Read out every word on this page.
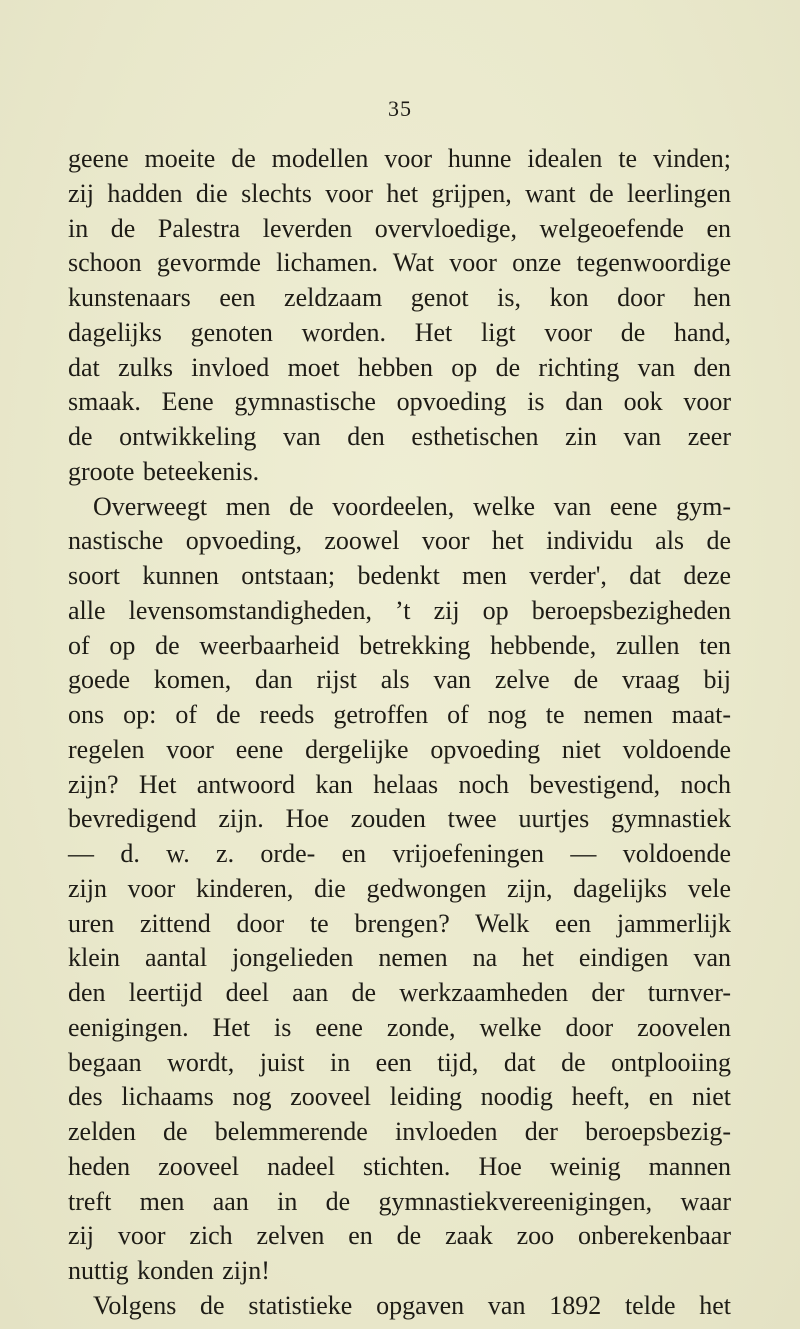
35
geene moeite de modellen voor hunne idealen te vinden;
zij hadden die slechts voor het grijpen, want de leerlingen
in de Palestra leverden overvloedige, welgeoefende en
schoon gevormde lichamen. Wat voor onze tegenwoordige
kunstenaars een zeldzaam genot is, kon door hen
dagelijks genoten worden. Het ligt voor de hand,
dat zulks invloed moet hebben op de richting van den
smaak. Eene gymnastische opvoeding is dan ook voor
de ontwikkeling van den esthetischen zin van zeer
groote beteekenis.
Overweegt men de voordeelen, welke van eene gym-
nastische opvoeding, zoowel voor het individu als de
soort kunnen ontstaan; bedenkt men verder', dat deze
alle levensomstandigheden, ’t zij op beroepsbezigheden
of op de weerbaarheid betrekking hebbende, zullen ten
goede komen, dan rijst als van zelve de vraag bij
ons op: of de reeds getroffen of nog te nemen maat-
regelen voor eene dergelijke opvoeding niet voldoende
zijn? Het antwoord kan helaas noch bevestigend, noch
bevredigend zijn. Hoe zouden twee uurtjes gymnastiek
— d. w. z. orde- en vrijoefeningen — voldoende
zijn voor kinderen, die gedwongen zijn, dagelijks vele
uren zittend door te brengen? Welk een jammerlijk
klein aantal jongelieden nemen na het eindigen van
den leertijd deel aan de werkzaamheden der turnver-
eenigingen. Het is eene zonde, welke door zoovelen
begaan wordt, juist in een tijd, dat de ontplooiing
des lichaams nog zooveel leiding noodig heeft, en niet
zelden de belemmerende invloeden der beroepsbezig-
heden zooveel nadeel stichten. Hoe weinig mannen
treft men aan in de gymnastiekvereenigingen, waar
zij voor zich zelven en de zaak zoo onberekenbaar
nuttig konden zijn!
Volgens de statistieke opgaven van 1892 telde het
